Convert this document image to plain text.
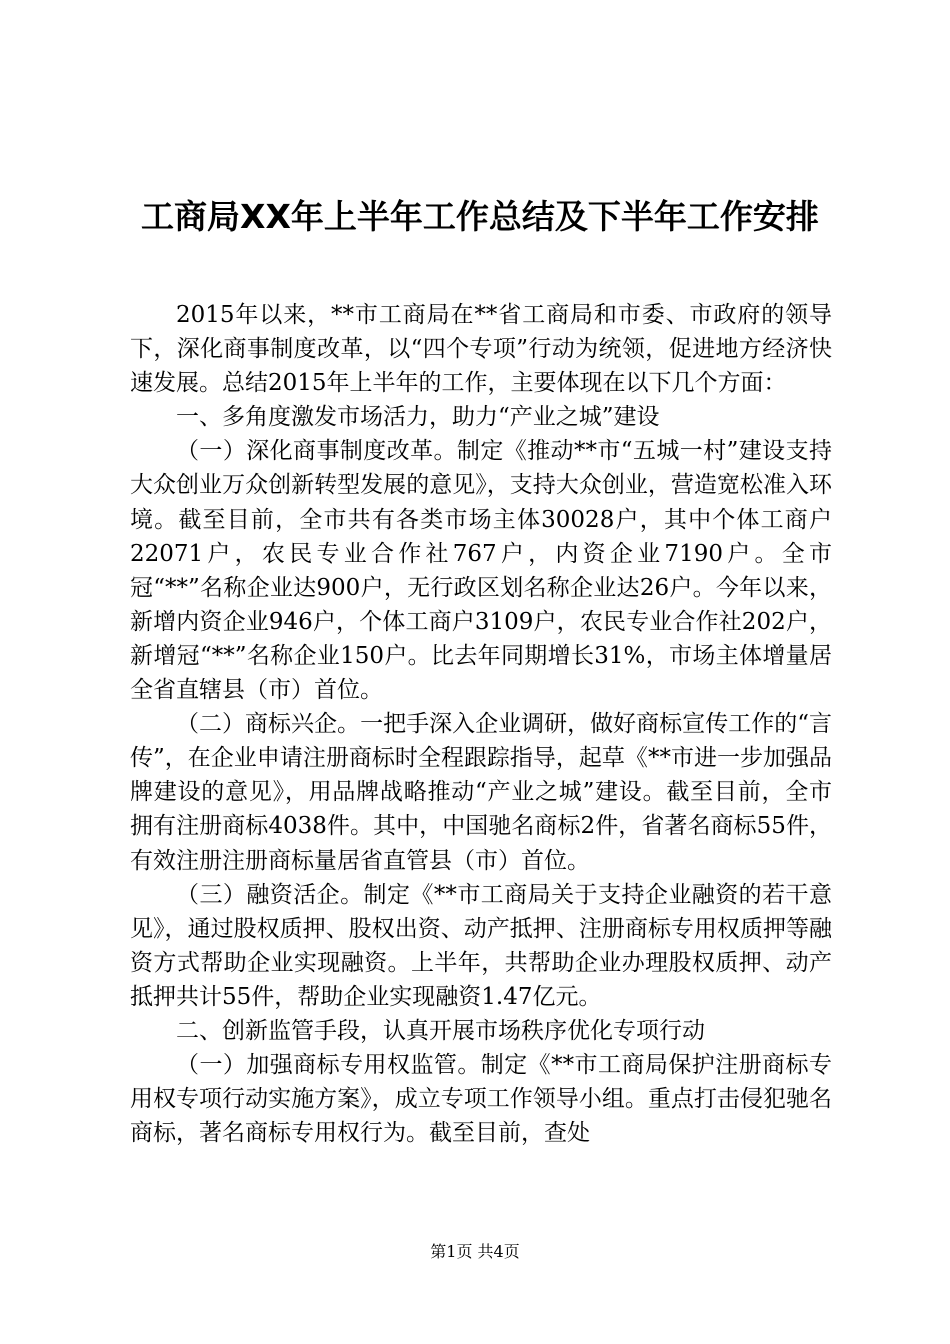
工商局XX年上半年工作总结及下半年工作安排

2015年以来，**市工商局在**省工商局和市委、市政府的领导下，深化商事制度改革，以“四个专项”行动为统领，促进地方经济快速发展。总结2015年上半年的工作，主要体现在以下几个方面：

一、多角度激发市场活力，助力“产业之城”建设

（一）深化商事制度改革。制定《推动**市“五城一村”建设支持大众创业万众创新转型发展的意见》，支持大众创业，营造宽松准入环境。截至目前，全市共有各类市场主体30028户，其中个体工商户22071户，农民专业合作社767户，内资企业7190户。全市冠“**”名称企业达900户，无行政区划名称企业达26户。今年以来，新增内资企业946户，个体工商户3109户，农民专业合作社202户，新增冠“**”名称企业150户。比去年同期增长31%，市场主体增量居全省直辖县（市）首位。

（二）商标兴企。一把手深入企业调研，做好商标宣传工作的“言传”，在企业申请注册商标时全程跟踪指导，起草《**市进一步加强品牌建设的意见》，用品牌战略推动“产业之城”建设。截至目前，全市拥有注册商标4038件。其中，中国驰名商标2件，省著名商标55件，有效注册注册商标量居省直管县（市）首位。

（三）融资活企。制定《**市工商局关于支持企业融资的若干意见》，通过股权质押、股权出资、动产抵押、注册商标专用权质押等融资方式帮助企业实现融资。上半年，共帮助企业办理股权质押、动产抵押共计55件，帮助企业实现融资1.47亿元。

二、创新监管手段，认真开展市场秩序优化专项行动

（一）加强商标专用权监管。制定《**市工商局保护注册商标专用权专项行动实施方案》，成立专项工作领导小组。重点打击侵犯驰名商标，著名商标专用权行为。截至目前，查处

第1页 共4页
